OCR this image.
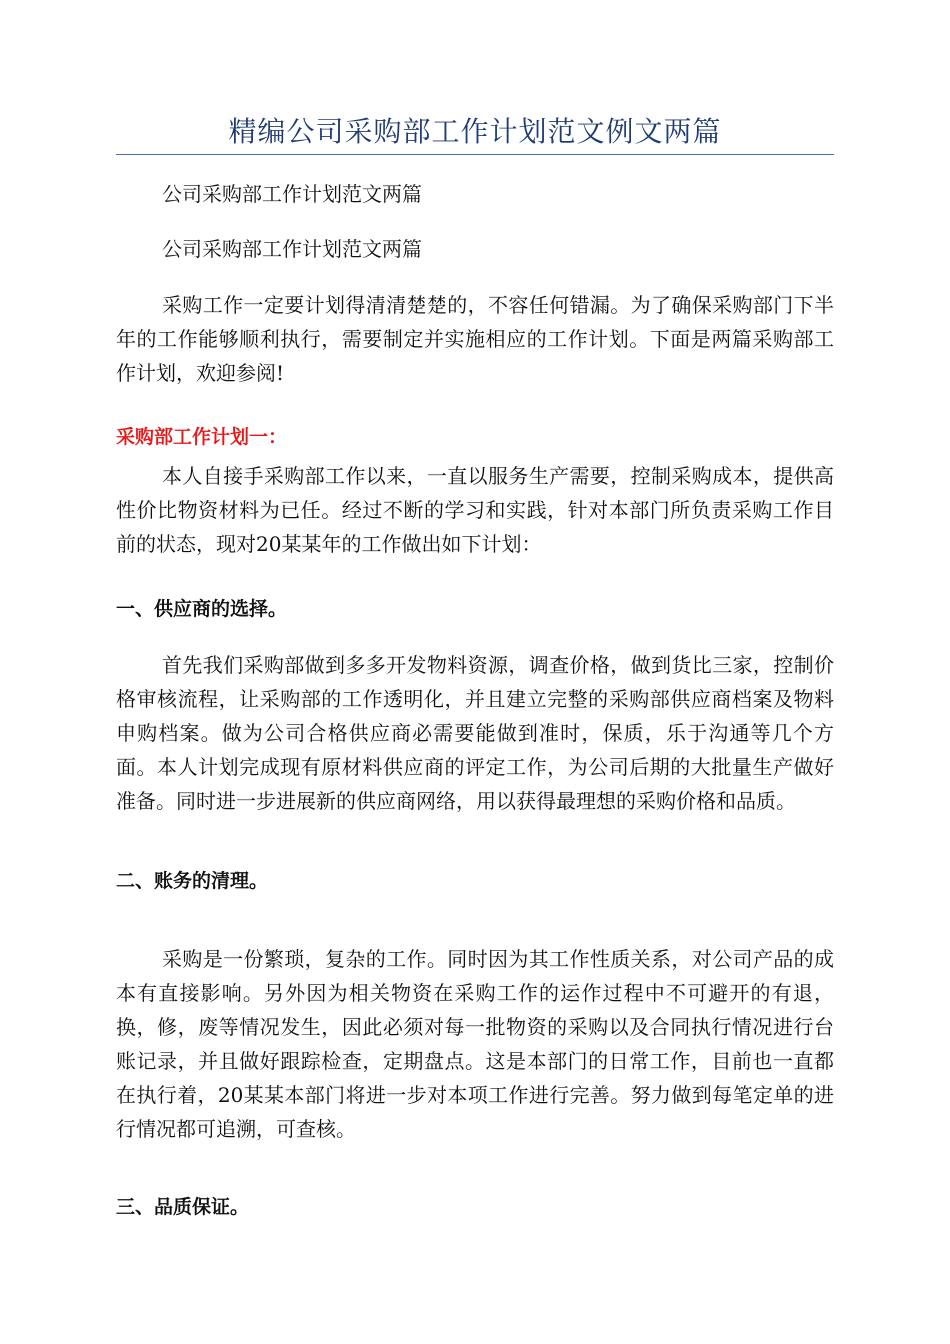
精编公司采购部工作计划范文例文两篇

公司采购部工作计划范文两篇

公司采购部工作计划范文两篇

采购工作一定要计划得清清楚楚的，不容任何错漏。为了确保采购部门下半年的工作能够顺利执行，需要制定并实施相应的工作计划。下面是两篇采购部工作计划，欢迎参阅!

采购部工作计划一：

本人自接手采购部工作以来，一直以服务生产需要，控制采购成本，提供高性价比物资材料为已任。经过不断的学习和实践，针对本部门所负责采购工作目前的状态，现对20某某年的工作做出如下计划：

一、供应商的选择。

首先我们采购部做到多多开发物料资源，调查价格，做到货比三家，控制价格审核流程，让采购部的工作透明化，并且建立完整的采购部供应商档案及物料申购档案。做为公司合格供应商必需要能做到准时，保质，乐于沟通等几个方面。本人计划完成现有原材料供应商的评定工作，为公司后期的大批量生产做好准备。同时进一步进展新的供应商网络，用以获得最理想的采购价格和品质。

二、账务的清理。

采购是一份繁琐，复杂的工作。同时因为其工作性质关系，对公司产品的成本有直接影响。另外因为相关物资在采购工作的运作过程中不可避开的有退，换，修，废等情况发生，因此必须对每一批物资的采购以及合同执行情况进行台账记录，并且做好跟踪检查，定期盘点。这是本部门的日常工作，目前也一直都在执行着，20某某本部门将进一步对本项工作进行完善。努力做到每笔定单的进行情况都可追溯，可查核。

三、品质保证。
